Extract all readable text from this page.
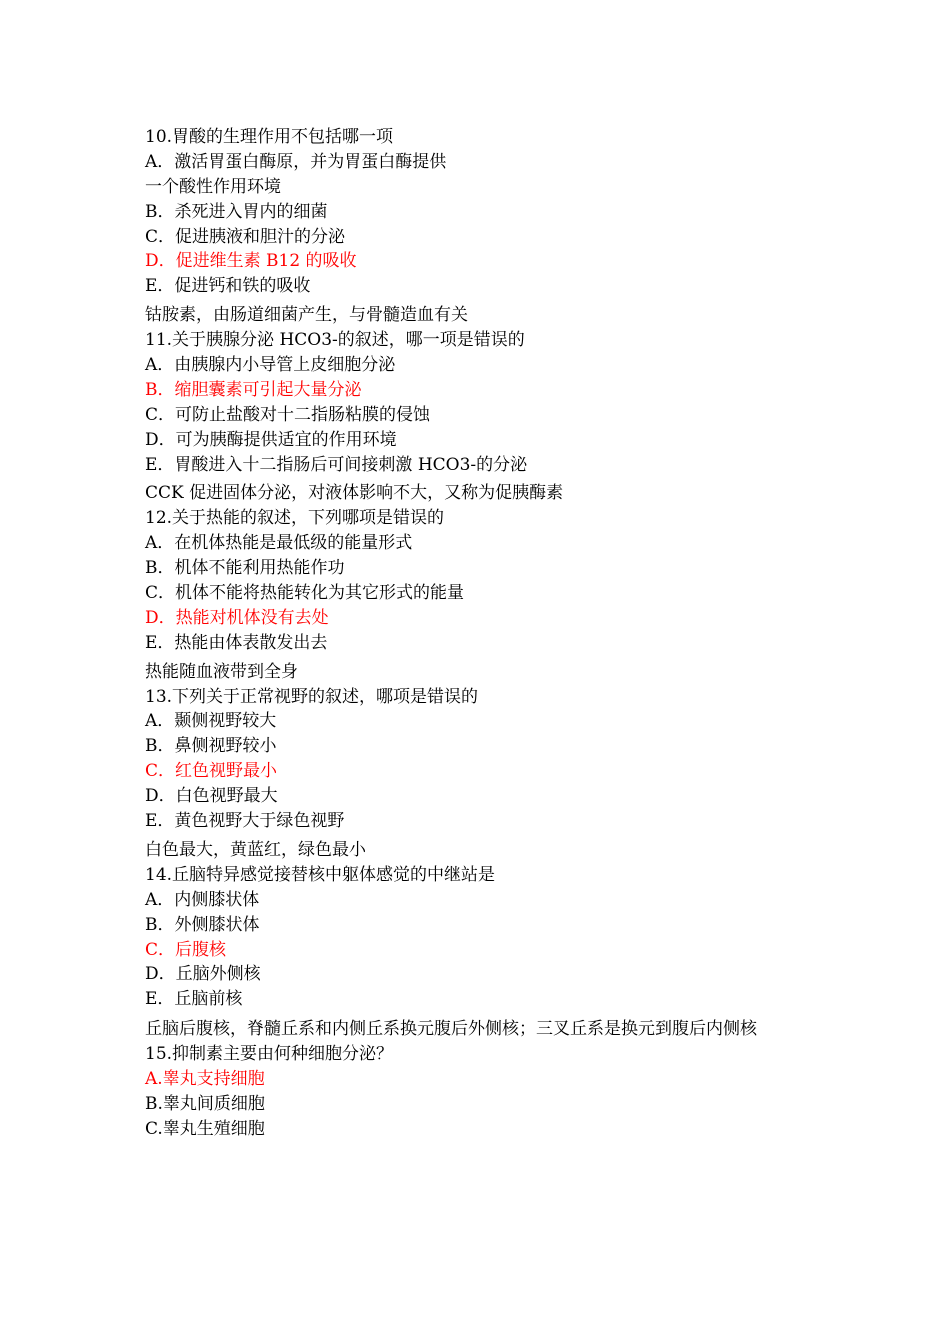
10.胃酸的生理作用不包括哪一项
A．激活胃蛋白酶原，并为胃蛋白酶提供
一个酸性作用环境
B．杀死进入胃内的细菌
C．促进胰液和胆汁的分泌
D．促进维生素 B12 的吸收
E．促进钙和铁的吸收
钴胺素，由肠道细菌产生，与骨髓造血有关
11.关于胰腺分泌 HCO3-的叙述，哪一项是错误的
A．由胰腺内小导管上皮细胞分泌
B．缩胆囊素可引起大量分泌
C．可防止盐酸对十二指肠粘膜的侵蚀
D．可为胰酶提供适宜的作用环境
E．胃酸进入十二指肠后可间接刺激 HCO3-的分泌
CCK 促进固体分泌，对液体影响不大，又称为促胰酶素
12.关于热能的叙述，下列哪项是错误的
A．在机体热能是最低级的能量形式
B．机体不能利用热能作功
C．机体不能将热能转化为其它形式的能量
D．热能对机体没有去处
E．热能由体表散发出去
热能随血液带到全身
13.下列关于正常视野的叙述，哪项是错误的
A．颞侧视野较大
B．鼻侧视野较小
C．红色视野最小
D．白色视野最大
E．黄色视野大于绿色视野
白色最大，黄蓝红，绿色最小
14.丘脑特异感觉接替核中躯体感觉的中继站是
A．内侧膝状体
B．外侧膝状体
C．后腹核
D．丘脑外侧核
E．丘脑前核
丘脑后腹核，脊髓丘系和内侧丘系换元腹后外侧核；三叉丘系是换元到腹后内侧核
15.抑制素主要由何种细胞分泌？
A.睾丸支持细胞
B.睾丸间质细胞
C.睾丸生殖细胞
